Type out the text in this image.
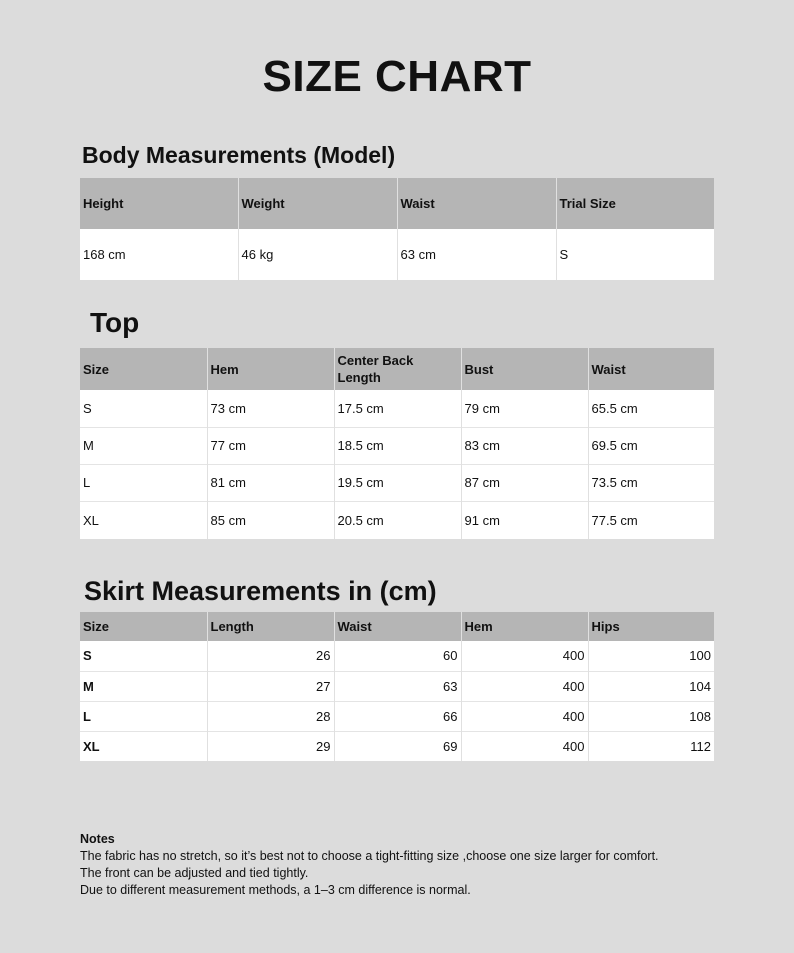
SIZE CHART
Body Measurements (Model)
Height	Weight	Waist	Trial Size
168 cm	46 kg	63 cm	S
Top
Size	Hem	Center Back Length	Bust	Waist
S	73 cm	17.5 cm	79 cm	65.5 cm
M	77 cm	18.5 cm	83 cm	69.5 cm
L	81 cm	19.5 cm	87 cm	73.5 cm
XL	85 cm	20.5 cm	91 cm	77.5 cm
Skirt Measurements in (cm)
Size	Length	Waist	Hem	Hips
S	26	60	400	100
M	27	63	400	104
L	28	66	400	108
XL	29	69	400	112
Notes
The fabric has no stretch, so it’s best not to choose a tight-fitting size ,choose one size larger for comfort.
The front can be adjusted and tied tightly.
Due to different measurement methods, a 1–3 cm difference is normal.
